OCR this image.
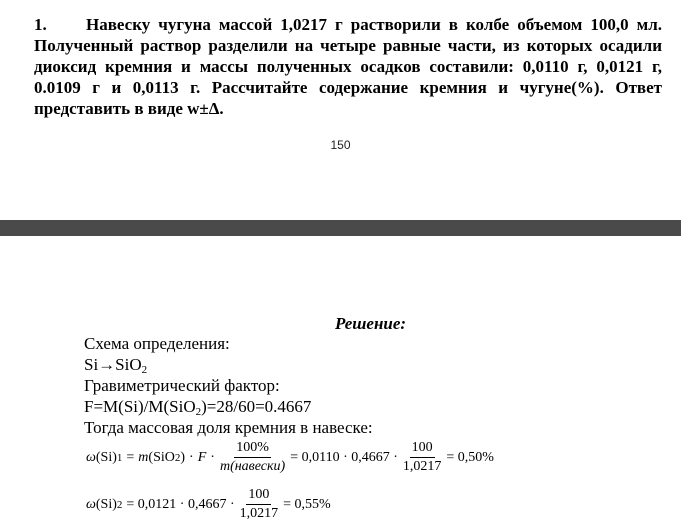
1. Навеску чугуна массой 1,0217 г растворили в колбе объемом 100,0 мл. Полученный раствор разделили на четыре равные части, из которых осадили диоксид кремния и массы полученных осадков составили: 0,0110 г, 0,0121 г, 0.0109 г и 0,0113 г. Рассчитайте содержание кремния и чугуне(%). Ответ представить в виде w±Δ.
150
Решение:
Схема определения:
Si→SiO$_2$
Гравиметрический фактор:
F=M(Si)/M(SiO$_2$)=28/60=0.4667
Тогда массовая доля кремния в навеске:
ω (Si) 1 = m (SiO 2 ) · $F \cdot \frac{100\%}{\text{m(навески)}} = 0,0110 \cdot 0,4667 \cdot \frac{100}{1,0217} = 0,50\%$
ω (Si) $2 = 0,0121 \cdot 0,4667 \cdot \frac{100}{1,0217} = 0,55\%$
